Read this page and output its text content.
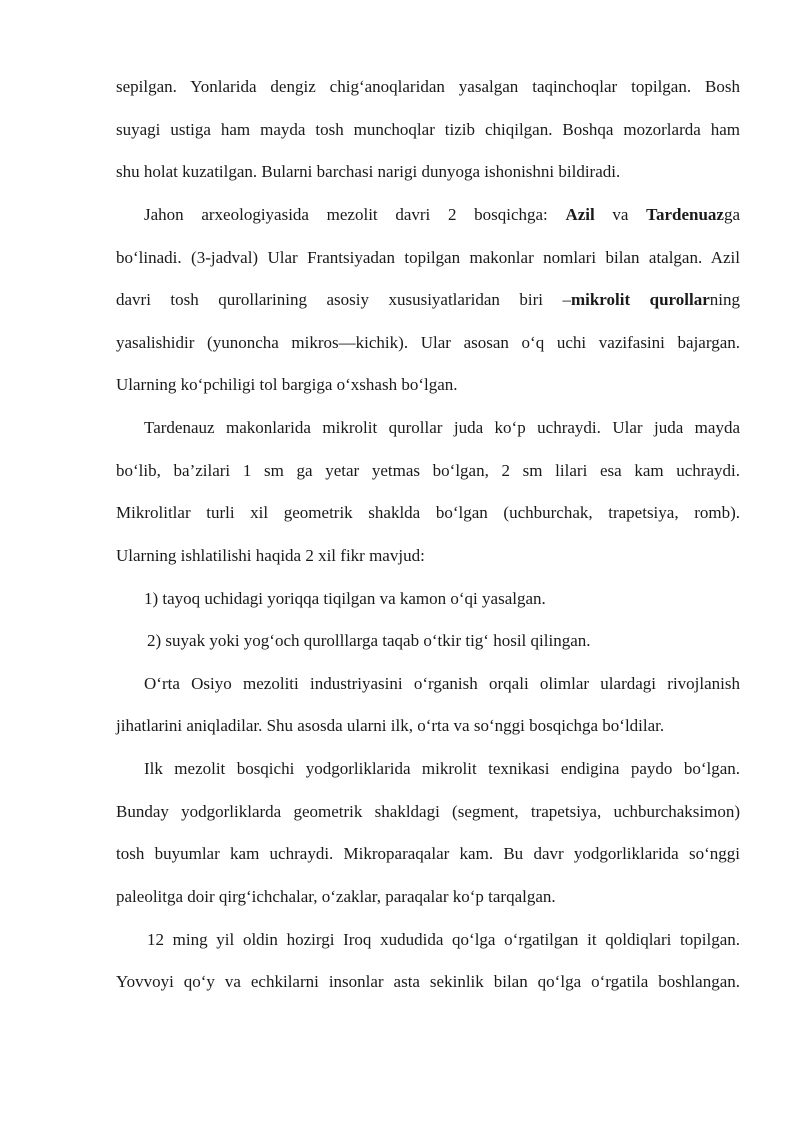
sepilgan. Yonlarida dengiz chig‘anoqlaridan yasalgan taqinchoqlar topilgan. Bosh
suyagi ustiga ham mayda tosh munchoqlar tizib chiqilgan. Boshqa mozorlarda ham
shu holat kuzatilgan. Bularni barchasi narigi dunyoga ishonishni bildiradi.
Jahon arxeologiyasida mezolit davri 2 bosqichga: Azil va Tardenuazga
bo‘linadi. (3-jadval) Ular Frantsiyadan topilgan makonlar nomlari bilan atalgan. Azil
davri tosh qurollarining asosiy xususiyatlaridan biri –mikrolit qurollarning
yasalishidir (yunoncha mikros—kichik). Ular asosan o‘q uchi vazifasini bajargan.
Ularning ko‘pchiligi tol bargiga o‘xshash bo‘lgan.
Tardenauz makonlarida mikrolit qurollar juda ko‘p uchraydi. Ular juda mayda
bo‘lib, ba’zilari 1 sm ga yetar yetmas bo‘lgan, 2 sm lilari esa kam uchraydi.
Mikrolitlar turli xil geometrik shaklda bo‘lgan (uchburchak, trapetsiya, romb).
Ularning ishlatilishi haqida 2 xil fikr mavjud:
1) tayoq uchidagi yoriqqa tiqilgan va kamon o‘qi yasalgan.
2) suyak yoki yog‘och qurolllarga taqab o‘tkir tig‘ hosil qilingan.
O‘rta Osiyo mezoliti industriyasini o‘rganish orqali olimlar ulardagi rivojlanish
jihatlarini aniqladilar. Shu asosda ularni ilk, o‘rta va so‘nggi bosqichga bo‘ldilar.
Ilk mezolit bosqichi yodgorliklarida mikrolit texnikasi endigina paydo bo‘lgan.
Bunday yodgorliklarda geometrik shakldagi (segment, trapetsiya, uchburchaksimon)
tosh buyumlar kam uchraydi. Mikroparaqalar kam. Bu davr yodgorliklarida so‘nggi
paleolitga doir qirg‘ichchalar, o‘zaklar, paraqalar ko‘p tarqalgan.
12 ming yil oldin hozirgi Iroq xududida qo‘lga o‘rgatilgan it qoldiqlari topilgan.
Yovvoyi qo‘y va echkilarni insonlar asta sekinlik bilan qo‘lga o‘rgatila boshlangan.
